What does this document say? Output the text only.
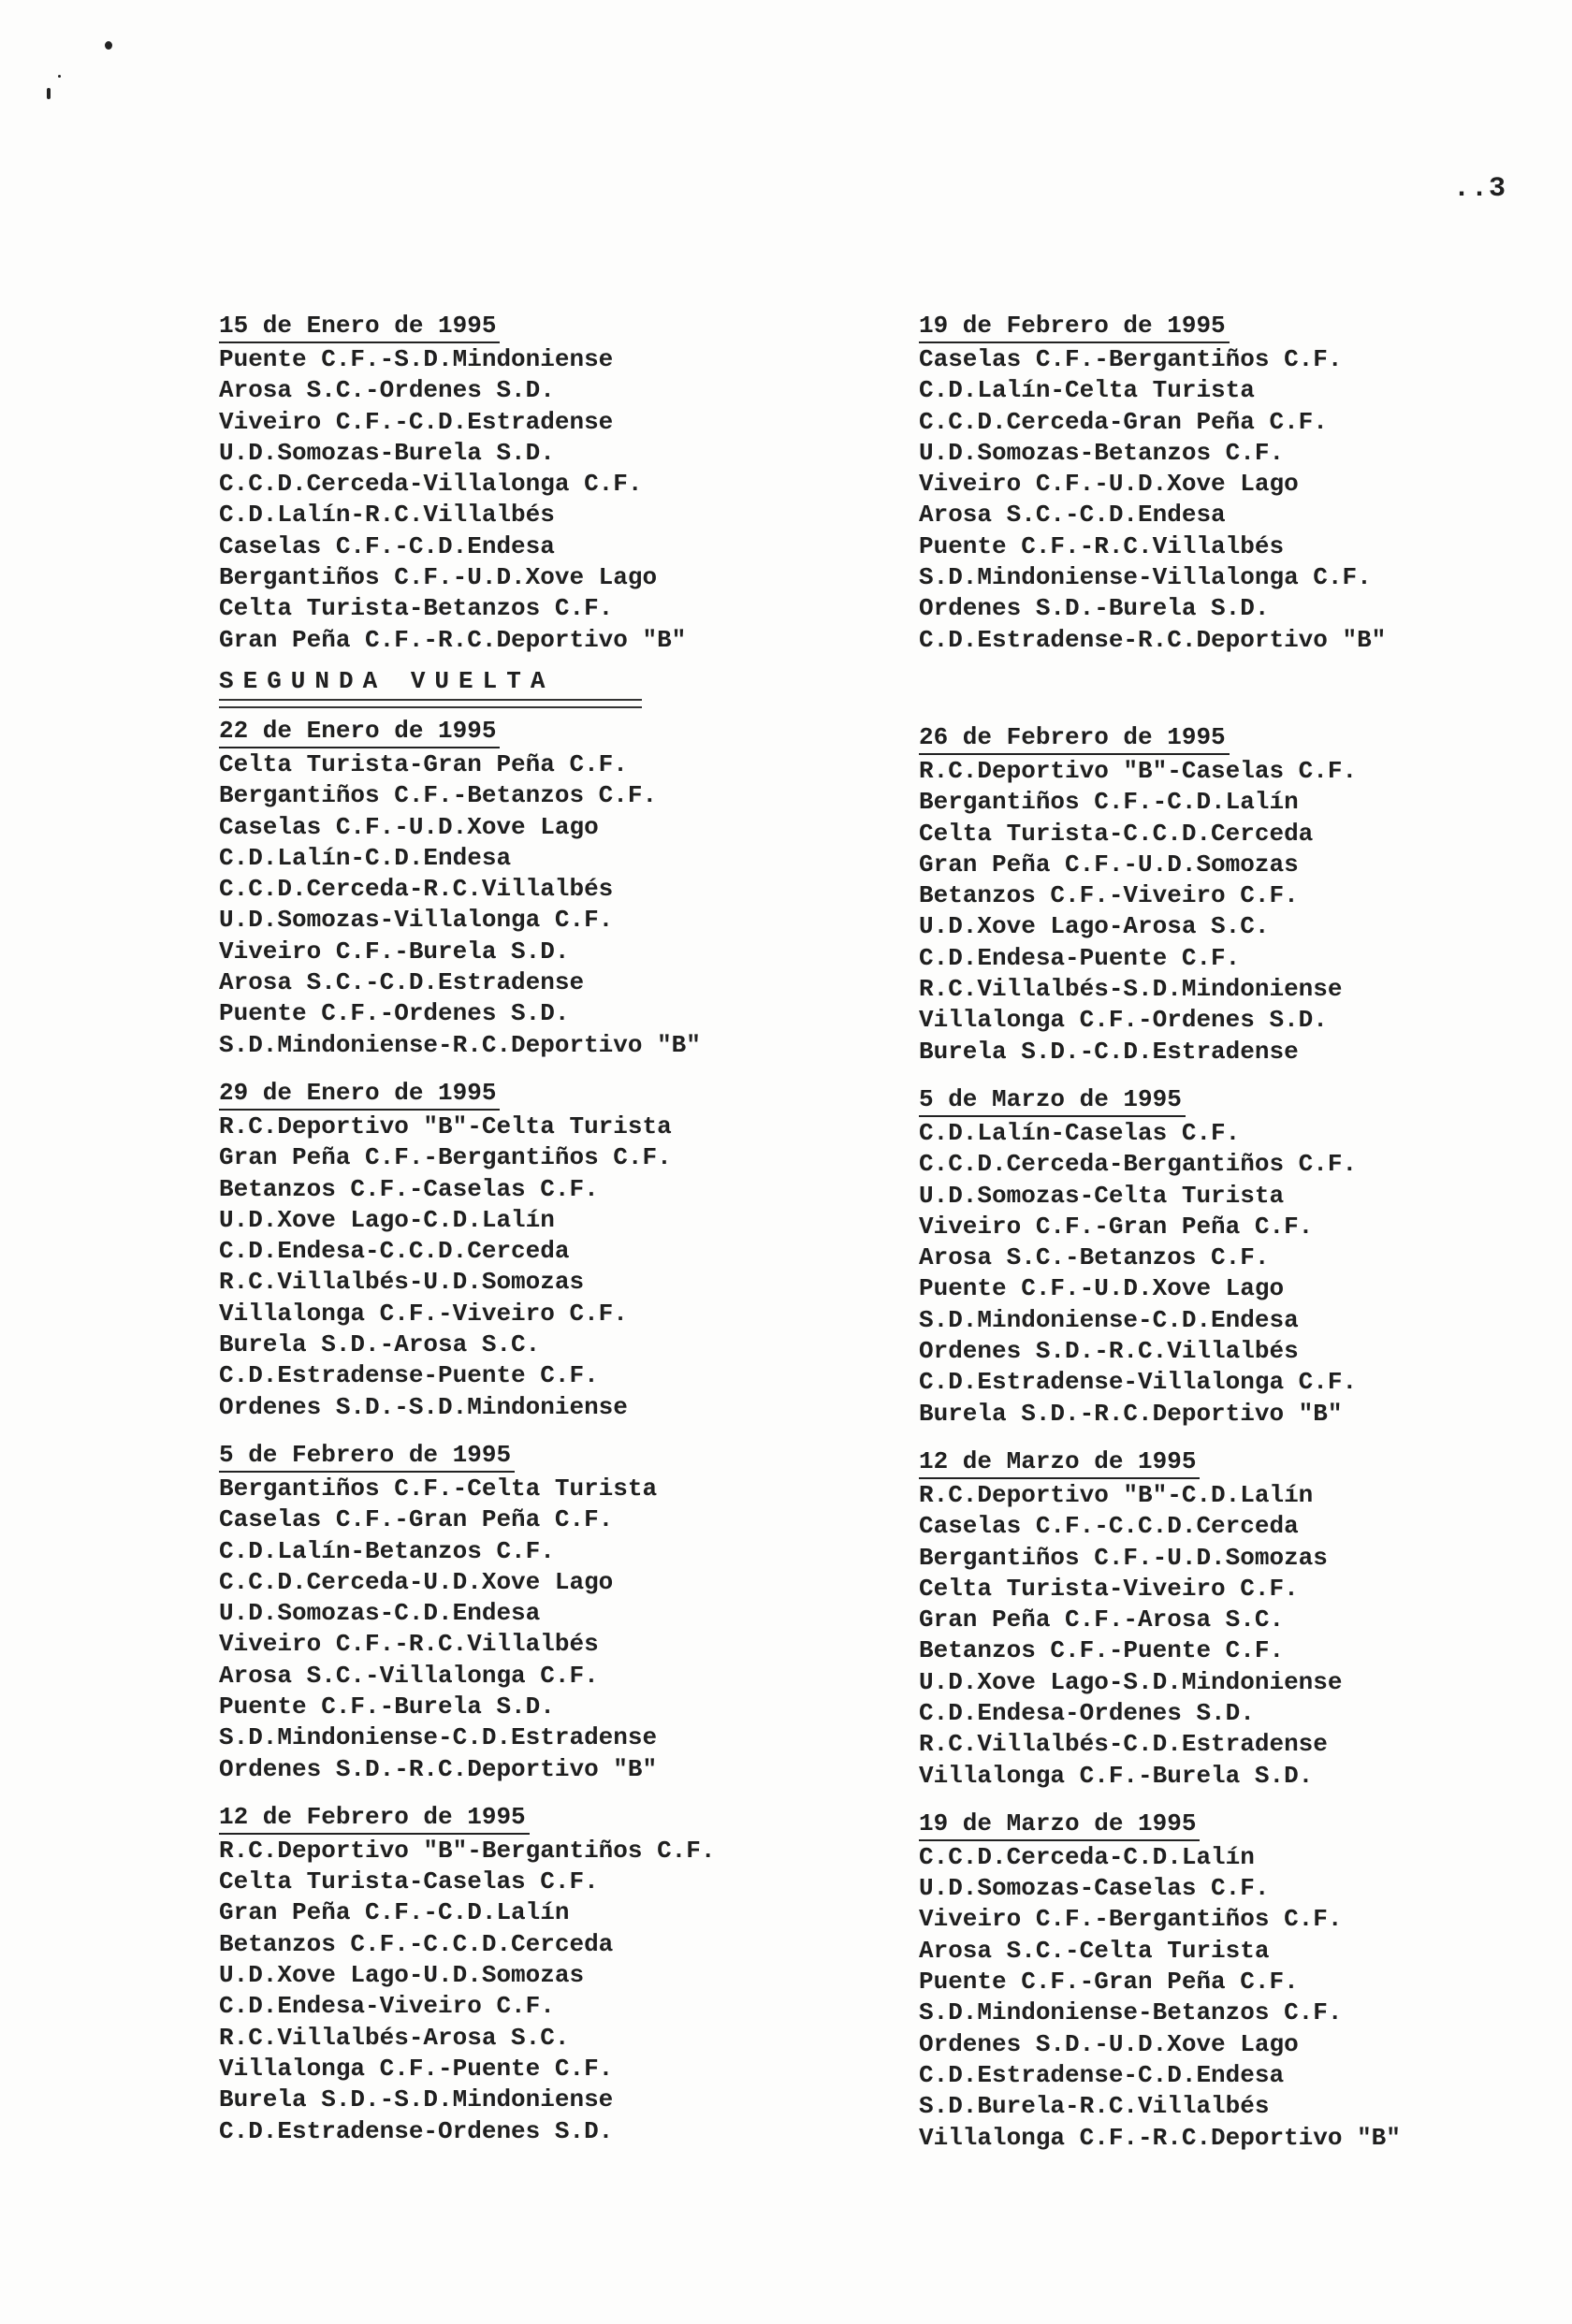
..3
15 de Enero de 1995
Puente C.F.-S.D.Mindoniense
Arosa S.C.-Ordenes S.D.
Viveiro C.F.-C.D.Estradense
U.D.Somozas-Burela S.D.
C.C.D.Cerceda-Villalonga C.F.
C.D.Lalín-R.C.Villalbés
Caselas C.F.-C.D.Endesa
Bergantiños C.F.-U.D.Xove Lago
Celta Turista-Betanzos C.F.
Gran Peña C.F.-R.C.Deportivo "B"
SEGUNDA VUELTA
22 de Enero de 1995
Celta Turista-Gran Peña C.F.
Bergantiños C.F.-Betanzos C.F.
Caselas C.F.-U.D.Xove Lago
C.D.Lalín-C.D.Endesa
C.C.D.Cerceda-R.C.Villalbés
U.D.Somozas-Villalonga C.F.
Viveiro C.F.-Burela S.D.
Arosa S.C.-C.D.Estradense
Puente C.F.-Ordenes S.D.
S.D.Mindoniense-R.C.Deportivo "B"
29 de Enero de 1995
R.C.Deportivo "B"-Celta Turista
Gran Peña C.F.-Bergantiños C.F.
Betanzos C.F.-Caselas C.F.
U.D.Xove Lago-C.D.Lalín
C.D.Endesa-C.C.D.Cerceda
R.C.Villalbés-U.D.Somozas
Villalonga C.F.-Viveiro C.F.
Burela S.D.-Arosa S.C.
C.D.Estradense-Puente C.F.
Ordenes S.D.-S.D.Mindoniense
5 de Febrero de 1995
Bergantiños C.F.-Celta Turista
Caselas C.F.-Gran Peña C.F.
C.D.Lalín-Betanzos C.F.
C.C.D.Cerceda-U.D.Xove Lago
U.D.Somozas-C.D.Endesa
Viveiro C.F.-R.C.Villalbés
Arosa S.C.-Villalonga C.F.
Puente C.F.-Burela S.D.
S.D.Mindoniense-C.D.Estradense
Ordenes S.D.-R.C.Deportivo "B"
12 de Febrero de 1995
R.C.Deportivo "B"-Bergantiños C.F.
Celta Turista-Caselas C.F.
Gran Peña C.F.-C.D.Lalín
Betanzos C.F.-C.C.D.Cerceda
U.D.Xove Lago-U.D.Somozas
C.D.Endesa-Viveiro C.F.
R.C.Villalbés-Arosa S.C.
Villalonga C.F.-Puente C.F.
Burela S.D.-S.D.Mindoniense
C.D.Estradense-Ordenes S.D.
19 de Febrero de 1995
Caselas C.F.-Bergantiños C.F.
C.D.Lalín-Celta Turista
C.C.D.Cerceda-Gran Peña C.F.
U.D.Somozas-Betanzos C.F.
Viveiro C.F.-U.D.Xove Lago
Arosa S.C.-C.D.Endesa
Puente C.F.-R.C.Villalbés
S.D.Mindoniense-Villalonga C.F.
Ordenes S.D.-Burela S.D.
C.D.Estradense-R.C.Deportivo "B"
26 de Febrero de 1995
R.C.Deportivo "B"-Caselas C.F.
Bergantiños C.F.-C.D.Lalín
Celta Turista-C.C.D.Cerceda
Gran Peña C.F.-U.D.Somozas
Betanzos C.F.-Viveiro C.F.
U.D.Xove Lago-Arosa S.C.
C.D.Endesa-Puente C.F.
R.C.Villalbés-S.D.Mindoniense
Villalonga C.F.-Ordenes S.D.
Burela S.D.-C.D.Estradense
5 de Marzo de 1995
C.D.Lalín-Caselas C.F.
C.C.D.Cerceda-Bergantiños C.F.
U.D.Somozas-Celta Turista
Viveiro C.F.-Gran Peña C.F.
Arosa S.C.-Betanzos C.F.
Puente C.F.-U.D.Xove Lago
S.D.Mindoniense-C.D.Endesa
Ordenes S.D.-R.C.Villalbés
C.D.Estradense-Villalonga C.F.
Burela S.D.-R.C.Deportivo "B"
12 de Marzo de 1995
R.C.Deportivo "B"-C.D.Lalín
Caselas C.F.-C.C.D.Cerceda
Bergantiños C.F.-U.D.Somozas
Celta Turista-Viveiro C.F.
Gran Peña C.F.-Arosa S.C.
Betanzos C.F.-Puente C.F.
U.D.Xove Lago-S.D.Mindoniense
C.D.Endesa-Ordenes S.D.
R.C.Villalbés-C.D.Estradense
Villalonga C.F.-Burela S.D.
19 de Marzo de 1995
C.C.D.Cerceda-C.D.Lalín
U.D.Somozas-Caselas C.F.
Viveiro C.F.-Bergantiños C.F.
Arosa S.C.-Celta Turista
Puente C.F.-Gran Peña C.F.
S.D.Mindoniense-Betanzos C.F.
Ordenes S.D.-U.D.Xove Lago
C.D.Estradense-C.D.Endesa
S.D.Burela-R.C.Villalbés
Villalonga C.F.-R.C.Deportivo "B"
